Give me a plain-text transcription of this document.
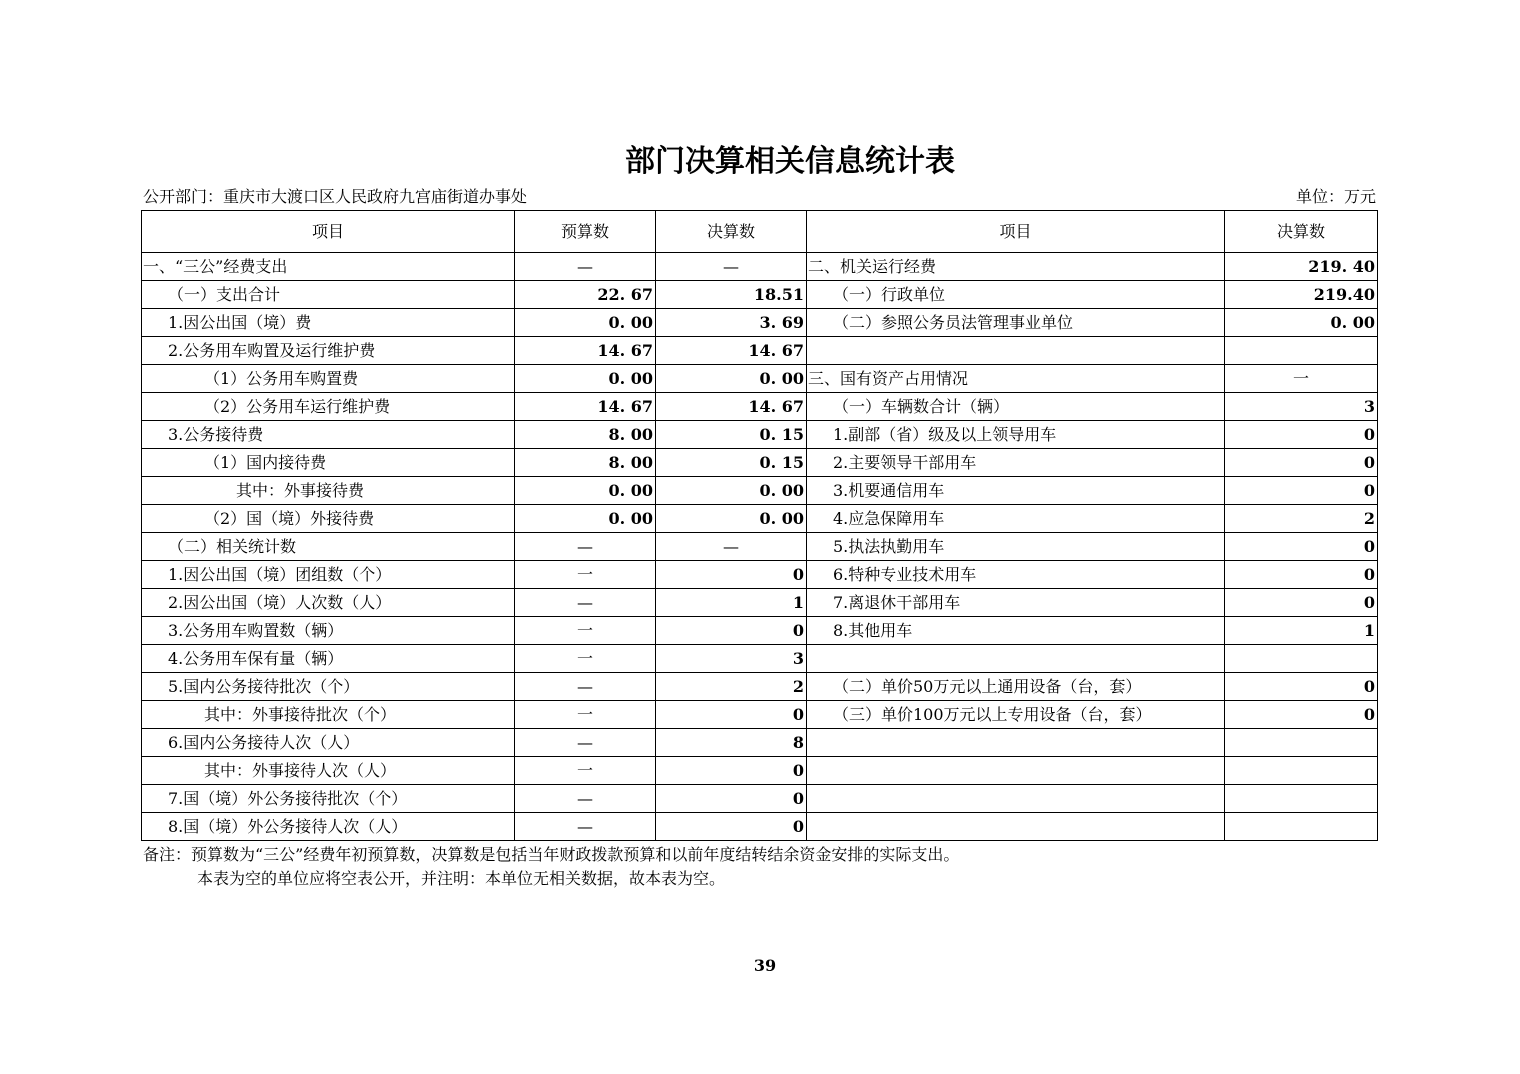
部门决算相关信息统计表
公开部门：重庆市大渡口区人民政府九宫庙街道办事处	单位：万元
项目	预算数	决算数	项目	决算数
一、“三公”经费支出	—	—	二、机关运行经费	219. 40
（一）支出合计	22. 67	18.51	（一）行政单位	219.40
1.因公出国（境）费	0. 00	3. 69	（二）参照公务员法管理事业单位	0. 00
2.公务用车购置及运行维护费	14. 67	14. 67		
（1）公务用车购置费	0. 00	0. 00	三、国有资产占用情况	一
（2）公务用车运行维护费	14. 67	14. 67	（一）车辆数合计（辆）	3
3.公务接待费	8. 00	0. 15	1.副部（省）级及以上领导用车	0
（1）国内接待费	8. 00	0. 15	2.主要领导干部用车	0
其中：外事接待费	0. 00	0. 00	3.机要通信用车	0
（2）国（境）外接待费	0. 00	0. 00	4.应急保障用车	2
（二）相关统计数	—	—	5.执法执勤用车	0
1.因公出国（境）团组数（个）	一	0	6.特种专业技术用车	0
2.因公出国（境）人次数（人）	—	1	7.离退休干部用车	0
3.公务用车购置数（辆）	一	0	8.其他用车	1
4.公务用车保有量（辆）	一	3		
5.国内公务接待批次（个）	—	2	（二）单价50万元以上通用设备（台，套）	0
其中：外事接待批次（个）	一	0	（三）单价100万元以上专用设备（台，套）	0
6.国内公务接待人次（人）	—	8		
其中：外事接待人次（人）	一	0		
7.国（境）外公务接待批次（个）	—	0		
8.国（境）外公务接待人次（人）	—	0		
备注：预算数为“三公”经费年初预算数，决算数是包括当年财政拨款预算和以前年度结转结余资金安排的实际支出。
本表为空的单位应将空表公开，并注明：本单位无相关数据，故本表为空。
39
